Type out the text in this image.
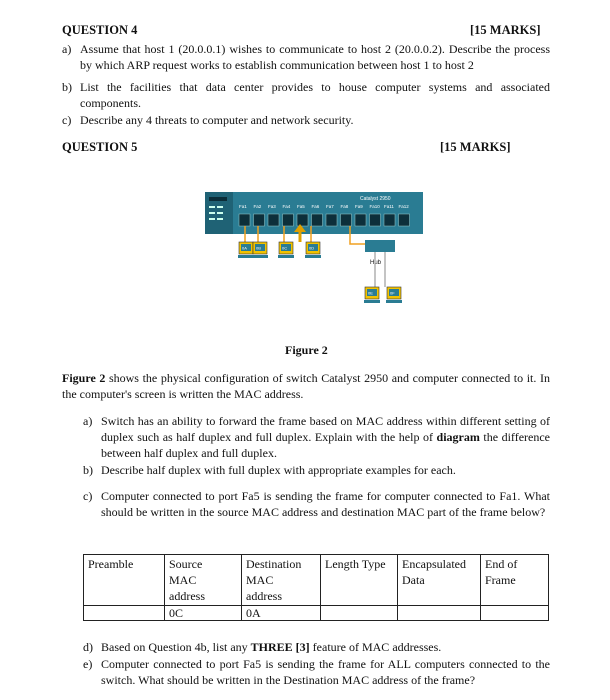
QUESTION 4	[15 MARKS]
a) Assume that host 1 (20.0.0.1) wishes to communicate to host 2 (20.0.0.2). Describe the process by which ARP request works to establish communication between host 1 to host 2
b) List the facilities that data center provides to house computer systems and associated components.
c) Describe any 4 threats to computer and network security.
QUESTION 5	[15 MARKS]
Catalyst 2950
Fa1 Fa2 Fa3 Fa4 Fa5 Fa6 Fa7 Fa8 Fa9 Fa10 Fa11 Fa12
0A 0B	0C	0D
Hub
0E	0F
Figure 2
Figure 2 shows the physical configuration of switch Catalyst 2950 and computer connected to it. In the computer's screen is written the MAC address.
a) Switch has an ability to forward the frame based on MAC address within different setting of duplex such as half duplex and full duplex. Explain with the help of diagram the difference between half duplex and full duplex.
b) Describe half duplex with full duplex with appropriate examples for each.
c) Computer connected to port Fa5 is sending the frame for computer connected to Fa1. What should be written in the source MAC address and destination MAC part of the frame below?
Preamble	Source
MAC
address	Destination
MAC
address	Length Type	Encapsulated
Data	End of
Frame
	0C	0A			
d) Based on Question 4b, list any THREE [3] feature of MAC addresses.
e) Computer connected to port Fa5 is sending the frame for ALL computers connected to the switch. What should be written in the Destination MAC address of the frame?
